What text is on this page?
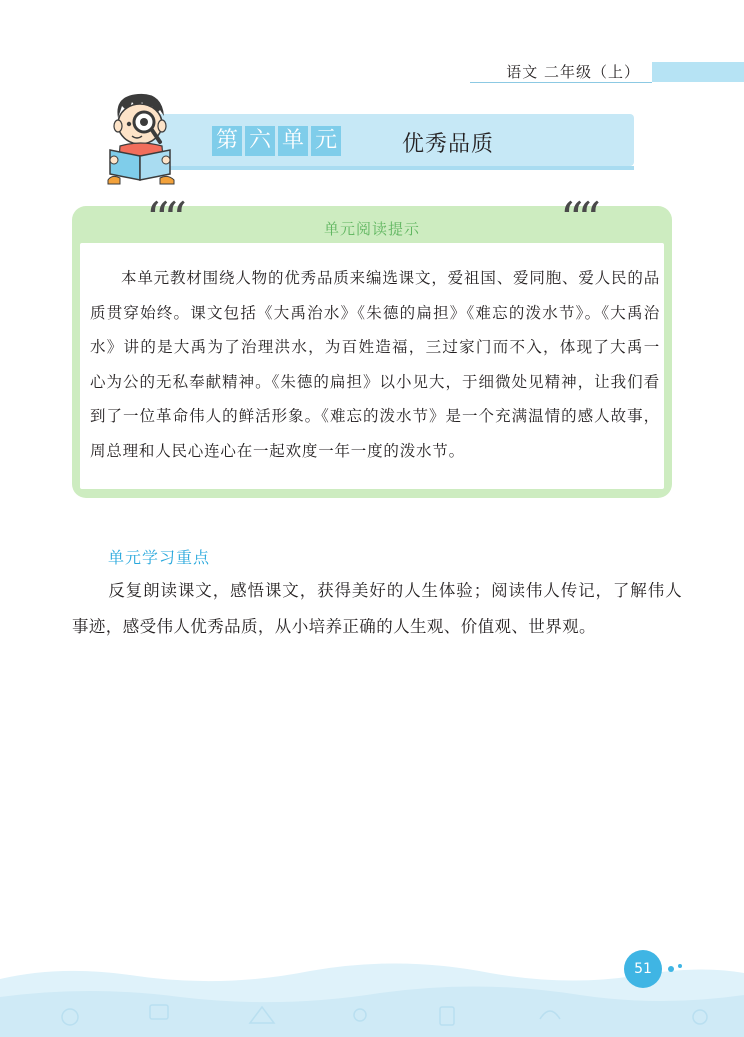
语文 二年级（上）
第 六 单 元	优秀品质
单元阅读提示

本单元教材围绕人物的优秀品质来编选课文，爱祖国、爱同胞、爱人民的品质贯穿始终。课文包括《大禹治水》《朱德的扁担》《难忘的泼水节》。《大禹治水》讲的是大禹为了治理洪水，为百姓造福，三过家门而不入，体现了大禹一心为公的无私奉献精神。《朱德的扁担》以小见大，于细微处见精神，让我们看到了一位革命伟人的鲜活形象。《难忘的泼水节》是一个充满温情的感人故事，周总理和人民心连心在一起欢度一年一度的泼水节。

““	““
单元学习重点

反复朗读课文，感悟课文，获得美好的人生体验；阅读伟人传记，了解伟人事迹，感受伟人优秀品质，从小培养正确的人生观、价值观、世界观。

51
